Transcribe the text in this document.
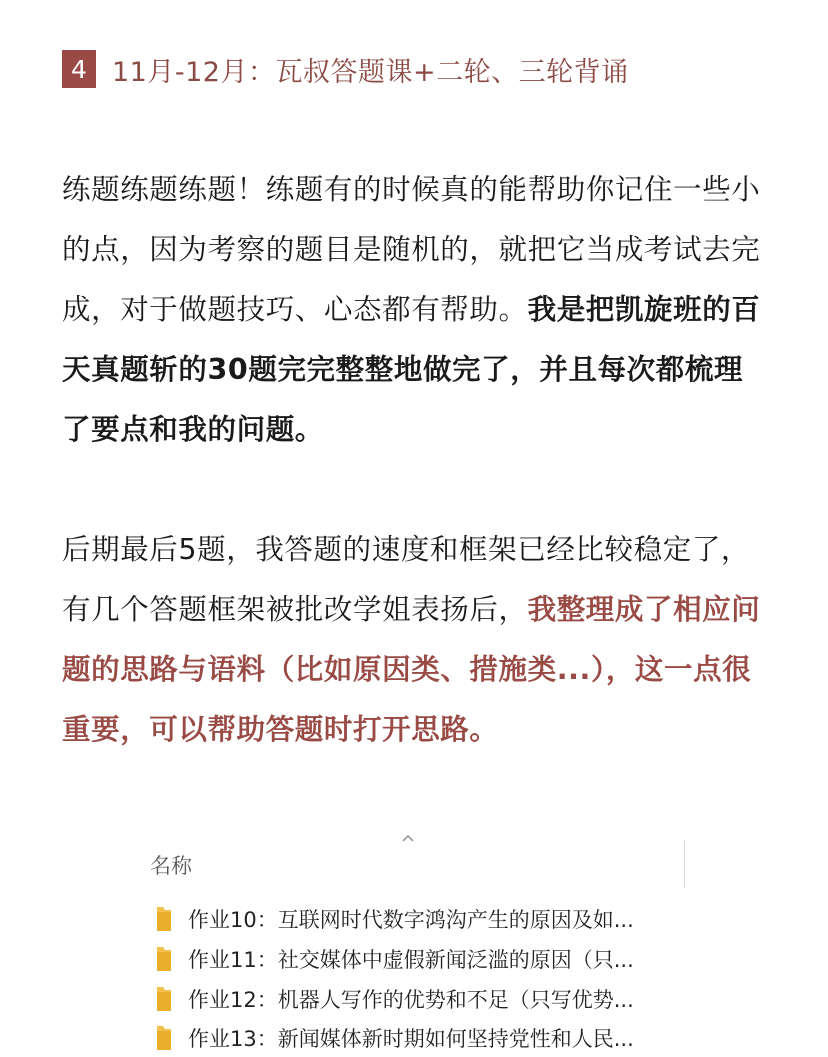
4 11月-12月：瓦叔答题课+二轮、三轮背诵

练题练题练题！练题有的时候真的能帮助你记住一些小的点，因为考察的题目是随机的，就把它当成考试去完成，对于做题技巧、心态都有帮助。我是把凯旋班的百天真题斩的30题完完整整地做完了，并且每次都梳理了要点和我的问题。

后期最后5题，我答题的速度和框架已经比较稳定了，有几个答题框架被批改学姐表扬后，我整理成了相应问题的思路与语料（比如原因类、措施类...），这一点很重要，可以帮助答题时打开思路。

名称
作业10：互联网时代数字鸿沟产生的原因及如...
作业11：社交媒体中虚假新闻泛滥的原因（只...
作业12：机器人写作的优势和不足（只写优势...
作业13：新闻媒体新时期如何坚持党性和人民...
